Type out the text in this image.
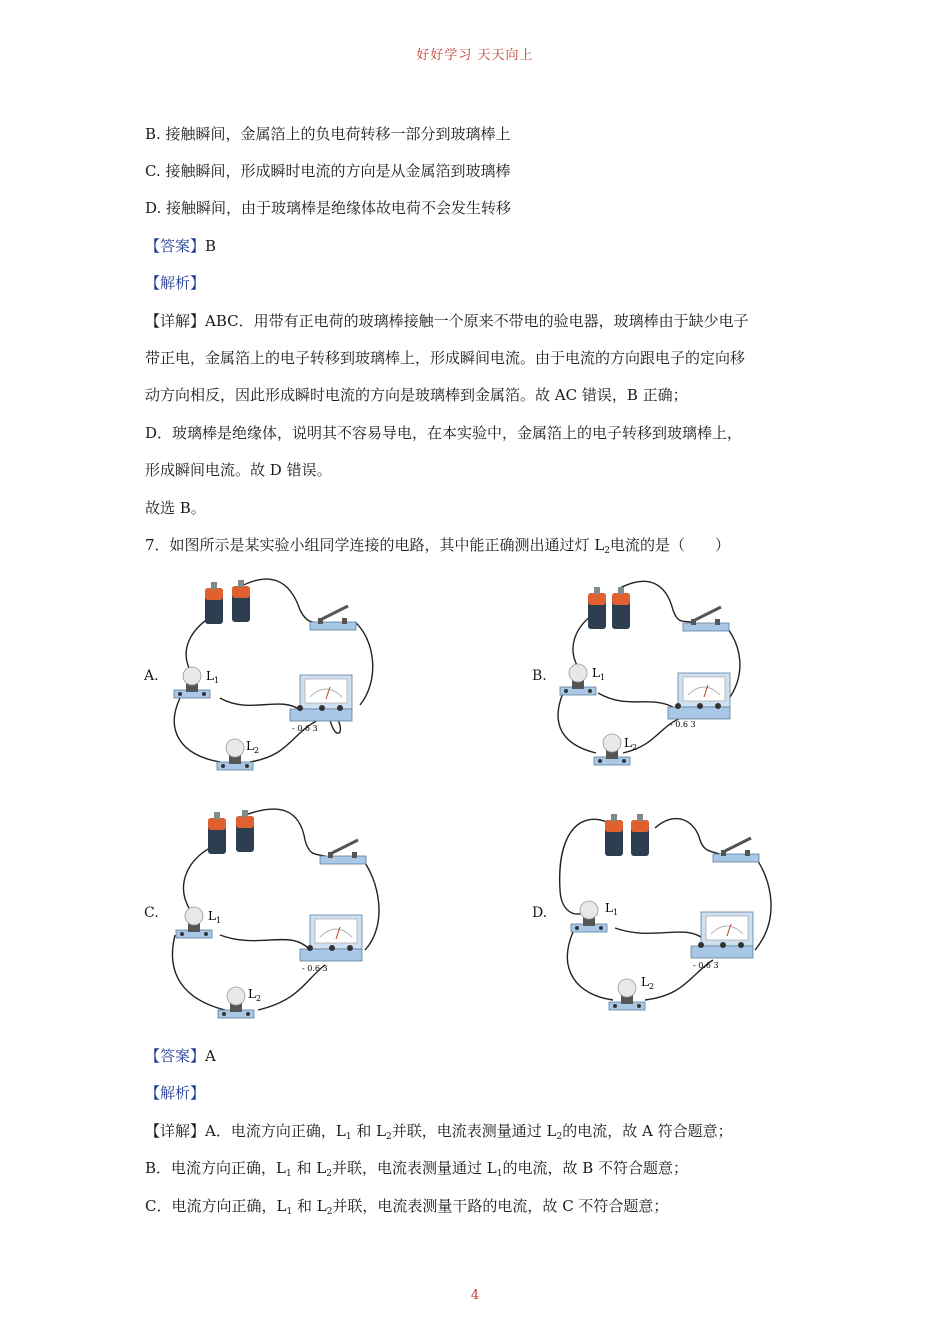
好好学习 天天向上
B. 接触瞬间，金属箔上的负电荷转移一部分到玻璃棒上
C. 接触瞬间，形成瞬时电流的方向是从金属箔到玻璃棒
D. 接触瞬间，由于玻璃棒是绝缘体故电荷不会发生转移
【答案】B
【解析】
【详解】ABC．用带有正电荷的玻璃棒接触一个原来不带电的验电器，玻璃棒由于缺少电子
带正电，金属箔上的电子转移到玻璃棒上，形成瞬间电流。由于电流的方向跟电子的定向移
动方向相反，因此形成瞬时电流的方向是玻璃棒到金属箔。故 AC 错误，B 正确；
D．玻璃棒是绝缘体，说明其不容易导电，在本实验中，金属箔上的电子转移到玻璃棒上，
形成瞬间电流。故 D 错误。
故选 B。
7．如图所示是某实验小组同学连接的电路，其中能正确测出通过灯 $L_2$电流的是（　　）
A.	B.
C.	D.
$L_1$
$L_2$
- 0.6 3
$L_1$
$L_2$
- 0.6 3
$L_1$
$L_2$
- 0.6 3
$L_1$
$L_2$
- 0.6 3
【答案】A
【解析】
【详解】A．电流方向正确，$L_1$ 和 $L_2$并联，电流表测量通过 $L_2$的电流，故 A 符合题意；
B．电流方向正确，$L_1$ 和 $L_2$并联，电流表测量通过 $L_1$的电流，故 B 不符合题意；
C．电流方向正确，$L_1$ 和 $L_2$并联，电流表测量干路的电流，故 C 不符合题意；
4
